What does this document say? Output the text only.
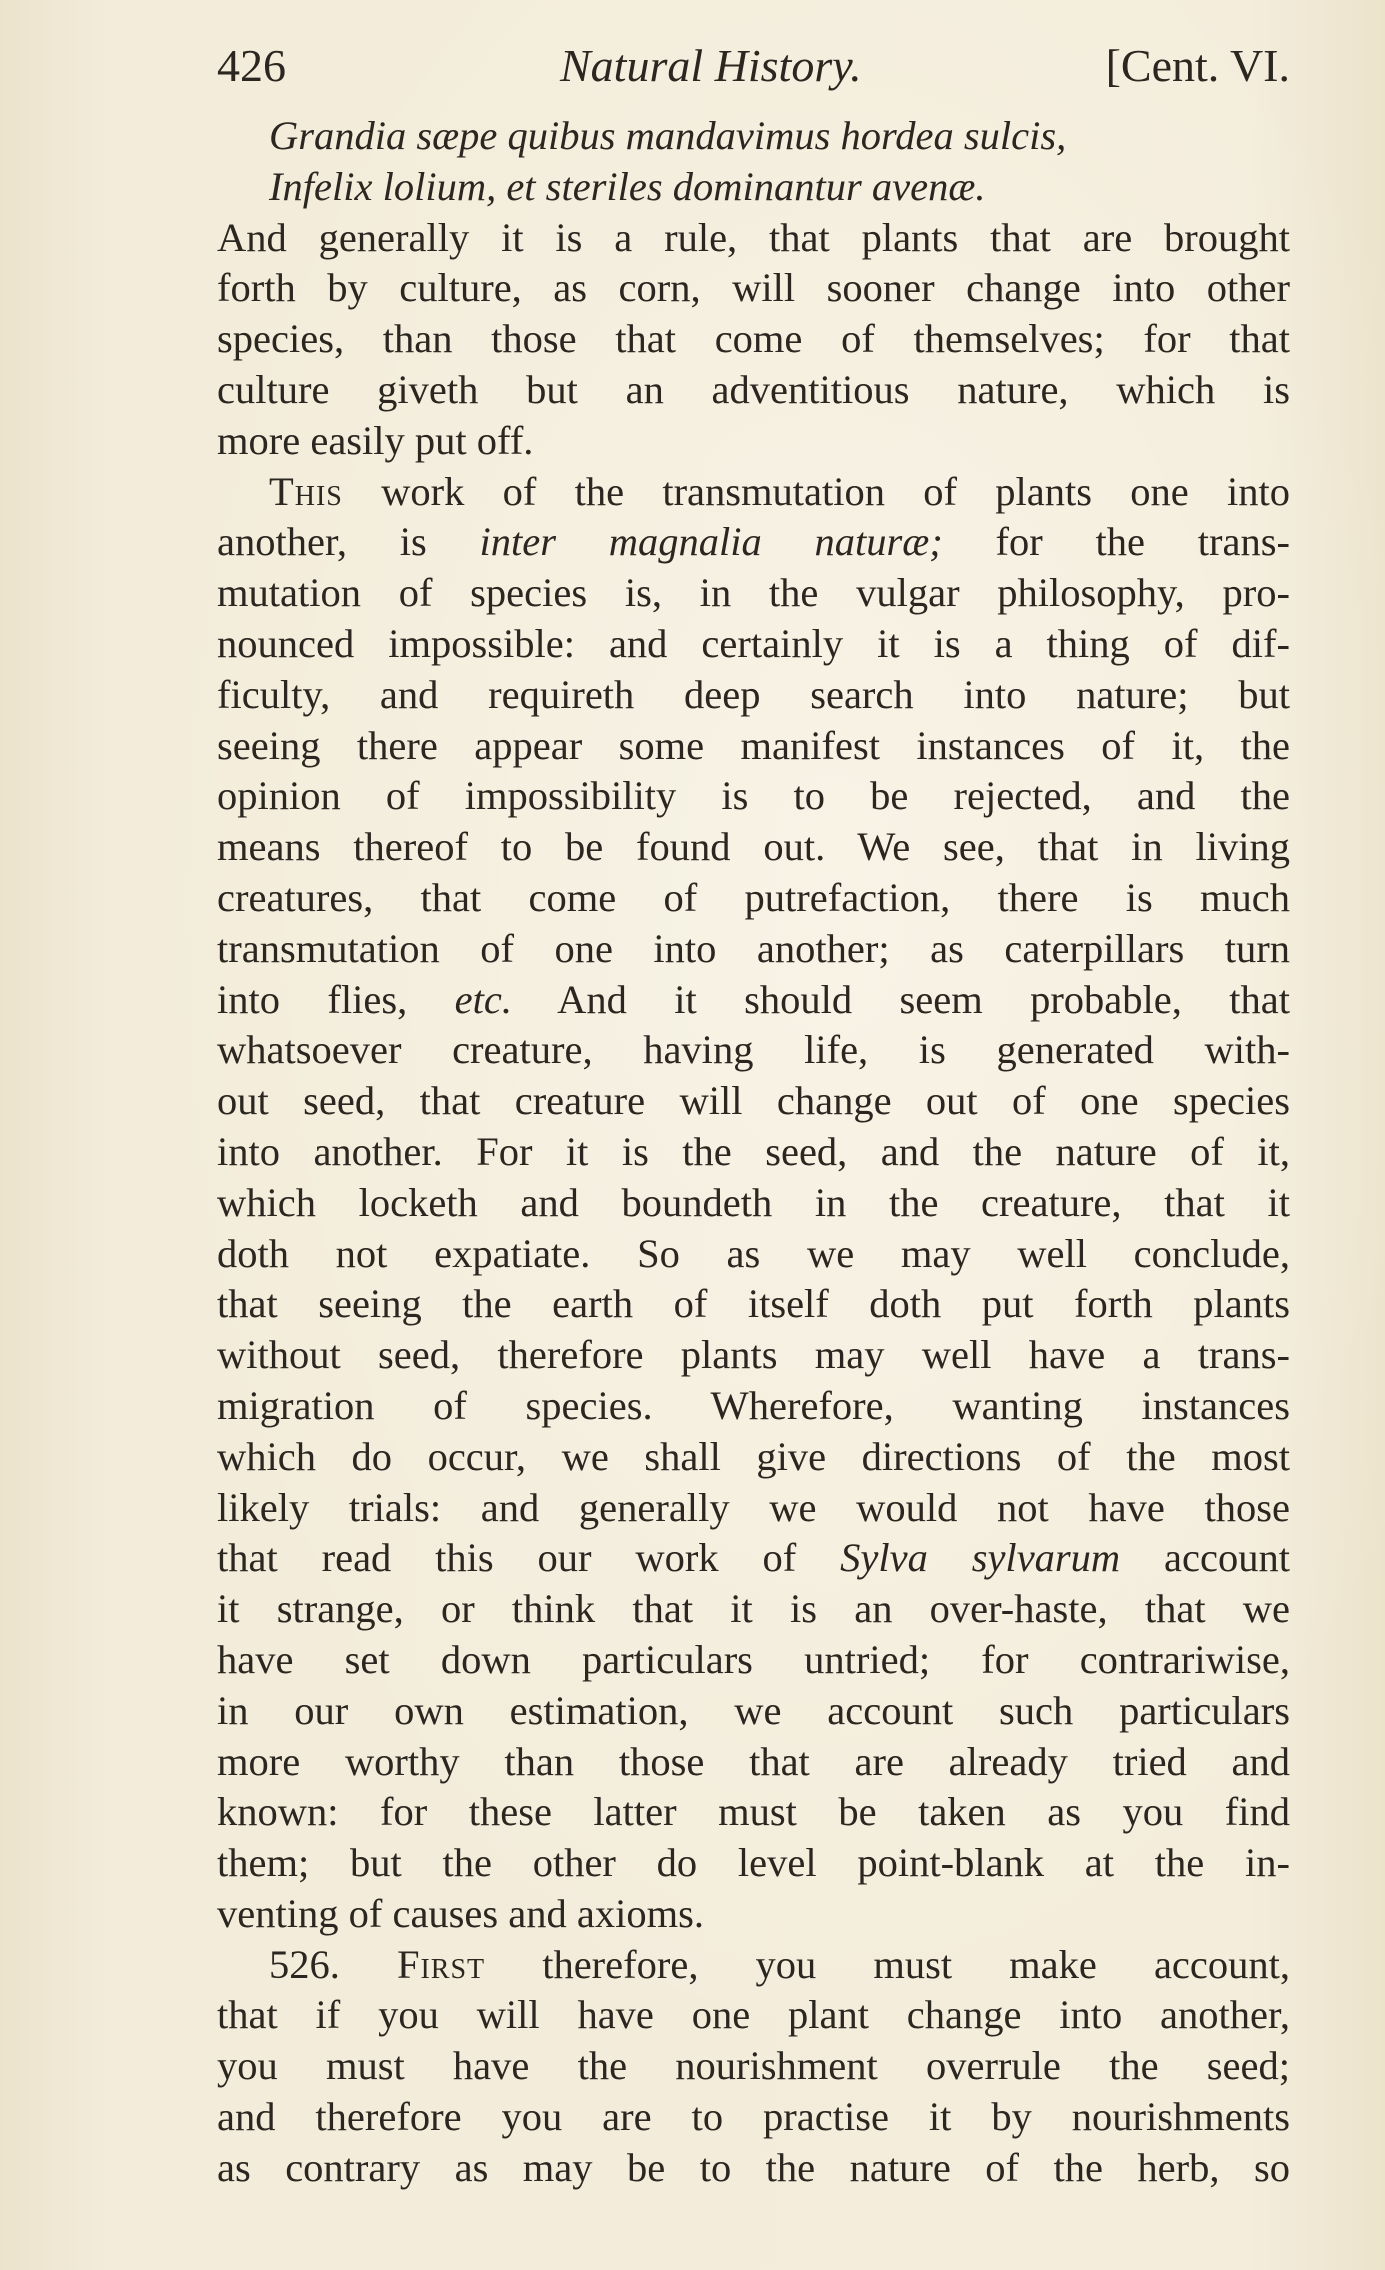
426	Natural History.	[Cent. VI.
Grandia sæpe quibus mandavimus hordea sulcis,
Infelix lolium, et steriles dominantur avenæ.
And generally it is a rule, that plants that are brought
forth by culture, as corn, will sooner change into other
species, than those that come of themselves; for that
culture giveth but an adventitious nature, which is
more easily put off.
This work of the transmutation of plants one into
another, is inter magnalia naturæ; for the trans-
mutation of species is, in the vulgar philosophy, pro-
nounced impossible: and certainly it is a thing of dif-
ficulty, and requireth deep search into nature; but
seeing there appear some manifest instances of it, the
opinion of impossibility is to be rejected, and the
means thereof to be found out. We see, that in living
creatures, that come of putrefaction, there is much
transmutation of one into another; as caterpillars turn
into flies, etc. And it should seem probable, that
whatsoever creature, having life, is generated with-
out seed, that creature will change out of one species
into another. For it is the seed, and the nature of it,
which locketh and boundeth in the creature, that it
doth not expatiate. So as we may well conclude,
that seeing the earth of itself doth put forth plants
without seed, therefore plants may well have a trans-
migration of species. Wherefore, wanting instances
which do occur, we shall give directions of the most
likely trials: and generally we would not have those
that read this our work of Sylva sylvarum account
it strange, or think that it is an over-haste, that we
have set down particulars untried; for contrariwise,
in our own estimation, we account such particulars
more worthy than those that are already tried and
known: for these latter must be taken as you find
them; but the other do level point-blank at the in-
venting of causes and axioms.
526. First therefore, you must make account,
that if you will have one plant change into another,
you must have the nourishment overrule the seed;
and therefore you are to practise it by nourishments
as contrary as may be to the nature of the herb, so
